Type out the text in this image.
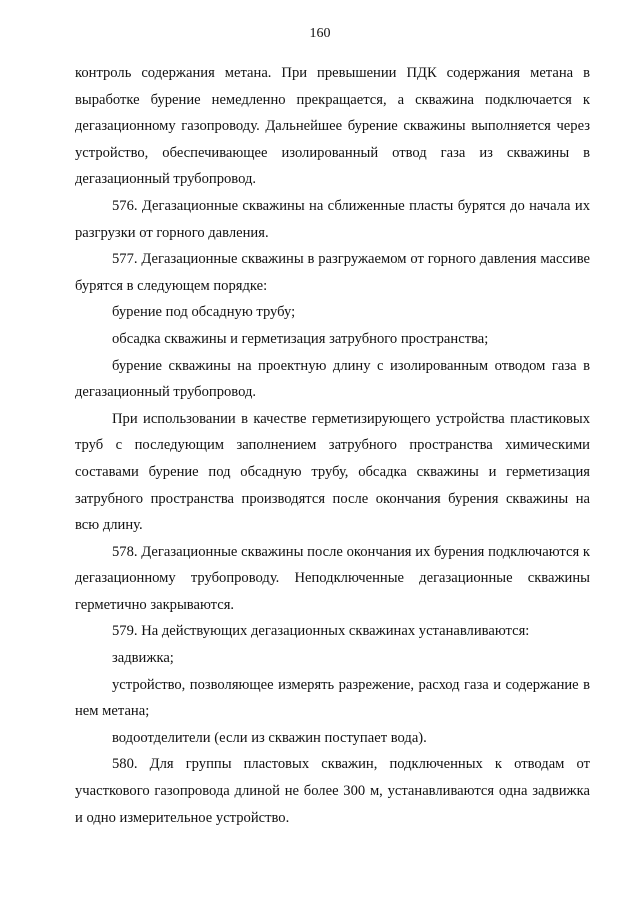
160

контроль содержания метана. При превышении ПДК содержания метана в выработке бурение немедленно прекращается, а скважина подключается к дегазационному газопроводу. Дальнейшее бурение скважины выполняется через устройство, обеспечивающее изолированный отвод газа из скважины в дегазационный трубопровод.

576. Дегазационные скважины на сближенные пласты бурятся до начала их разгрузки от горного давления.

577. Дегазационные скважины в разгружаемом от горного давления массиве бурятся в следующем порядке:

бурение под обсадную трубу;

обсадка скважины и герметизация затрубного пространства;

бурение скважины на проектную длину с изолированным отводом газа в дегазационный трубопровод.

При использовании в качестве герметизирующего устройства пластиковых труб с последующим заполнением затрубного пространства химическими составами бурение под обсадную трубу, обсадка скважины и герметизация затрубного пространства производятся после окончания бурения скважины на всю длину.

578. Дегазационные скважины после окончания их бурения подключаются к дегазационному трубопроводу. Неподключенные дегазационные скважины герметично закрываются.

579. На действующих дегазационных скважинах устанавливаются:

задвижка;

устройство, позволяющее измерять разрежение, расход газа и содержание в нем метана;

водоотделители (если из скважин поступает вода).

580. Для группы пластовых скважин, подключенных к отводам от участкового газопровода длиной не более 300 м, устанавливаются одна задвижка и одно измерительное устройство.
